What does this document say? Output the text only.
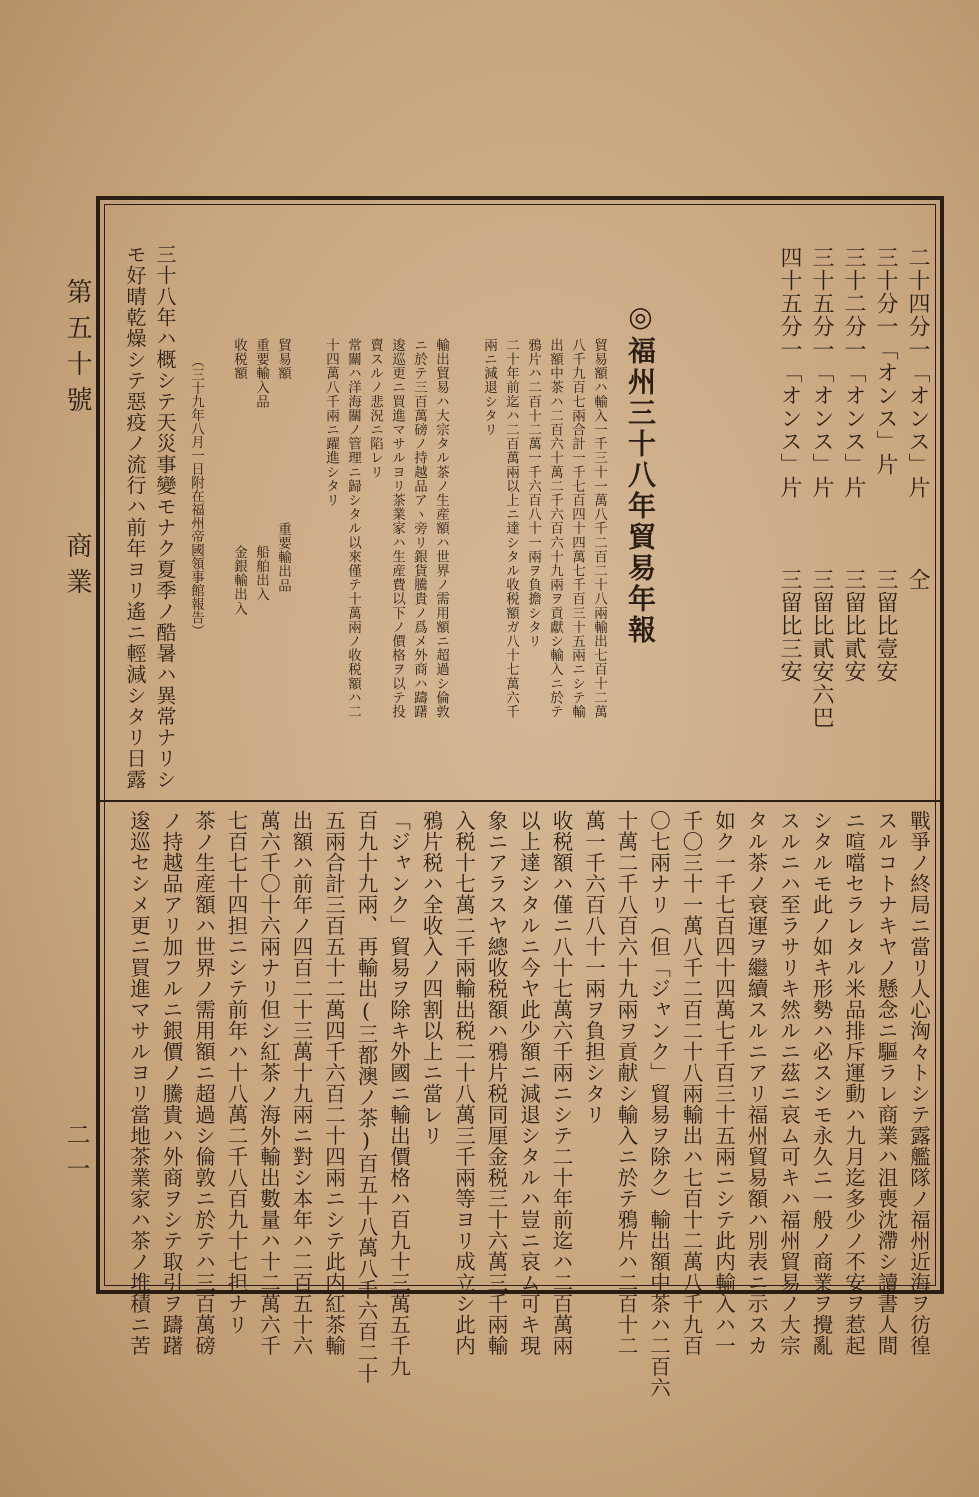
第五十號
商業
二一
二十四分一「オンス」片
三十分一「オンス」片
三十二分一「オンス」片
三十五分一「オンス」片
四十五分一「オンス」片
仝
三留比壹安
三留比貳安
三留比貳安六巴
三留比三安
◎福州三十八年貿易年報
貿易額ハ輸入一千三十一萬八千二百二十八兩輸出七百十二萬
八千九百七兩合計一千七百四十四萬七千百三十五兩ニシテ輸
出額中茶ハ二百六十萬二千六百六十九兩ヲ貢獻シ輸入ニ於テ
鴉片ハ二百十二萬一千六百八十一兩ヲ負擔シタリ
二十年前迄ハ二百萬兩以上ニ達シタル收税額ガ八十七萬六千
兩ニ減退シタリ
輸出貿易ハ大宗タル茶ノ生産額ハ世界ノ需用額ニ超過シ倫敦
ニ於テ三百萬磅ノ持越品アヽ旁リ銀貨騰貴ノ爲メ外商ハ躊躇
逡巡更ニ買進マサルヨリ茶業家ハ生産費以下ノ價格ヲ以テ投
賣スルノ悲況ニ陷レリ
常關ハ洋海關ノ管理ニ歸シタル以來僅テ十萬兩ノ收税額ハ二
十四萬八千兩ニ躍進シタリ
貿易額
重要輸入品
收税額
重要輸出品
船舶出入
金銀輸出入
（三十九年八月一日附在福州帝國領事館報告）
三十八年ハ概シテ天災事變モナク夏季ノ酷暑ハ異常ナリシ
モ好晴乾燥シテ惡疫ノ流行ハ前年ヨリ遙ニ輕減シタリ日露
戰爭ノ終局ニ當リ人心洶々トシテ露艦隊ノ福州近海ヲ彷徨
スルコトナキヤノ懸念ニ驅ラレ商業ハ沮喪沈滯シ讀書人間
ニ喧噹セラレタル米品排斥運動ハ九月迄多少ノ不安ヲ惹起
シタルモ此ノ如キ形勢ハ必スシモ永久ニ一般ノ商業ヲ攪亂
スルニハ至ラサリキ然ルニ茲ニ哀ム可キハ福州貿易ノ大宗
タル茶ノ衰運ヲ繼續スルニアリ福州貿易額ハ別表ニ示スカ
如ク一千七百四十四萬七千百三十五兩ニシテ此内輸入ハ一
千〇三十一萬八千二百二十八兩輸出ハ七百十二萬八千九百
〇七兩ナリ（但「ジャンク」貿易ヲ除ク）輸出額中茶ハ二百六
十萬二千八百六十九兩ヲ貢献シ輸入ニ於テ鴉片ハ二百十二
萬一千六百八十一兩ヲ負担シタリ
收税額ハ僅ニ八十七萬六千兩ニシテ二十年前迄ハ二百萬兩
以上達シタルニ今ヤ此少額ニ減退シタルハ豈ニ哀ム可キ現
象ニアラスヤ總收税額ハ鴉片税同厘金税三十六萬三千兩輸
入税十七萬二千兩輸出税二十八萬三千兩等ヨリ成立シ此内
鴉片税ハ全收入ノ四割以上ニ當レリ
「ジャンク」貿易ヲ除キ外國ニ輸出價格ハ百九十三萬五千九
百九十九兩、再輸出(三都澳ノ茶)百五十八萬八千六百二十
五兩合計三百五十二萬四千六百二十四兩ニシテ此内紅茶輸
出額ハ前年ノ四百二十三萬十九兩ニ對シ本年ハ二百五十六
萬六千〇十六兩ナリ但シ紅茶ノ海外輸出數量ハ十二萬六千
七百七十四担ニシテ前年ハ十八萬二千八百九十七担ナリ
茶ノ生産額ハ世界ノ需用額ニ超過シ倫敦ニ於テハ三百萬磅
ノ持越品アリ加フルニ銀價ノ騰貴ハ外商ヲシテ取引ヲ躊躇
逡巡セシメ更ニ買進マサルヨリ當地茶業家ハ茶ノ堆積ニ苦
